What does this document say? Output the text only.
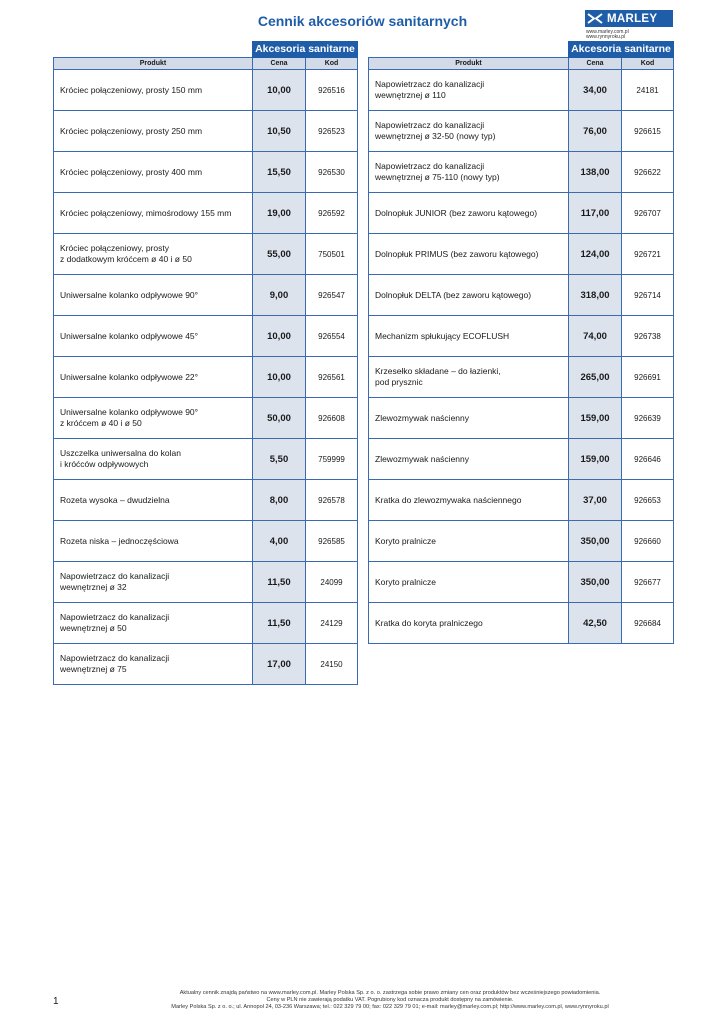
Cennik akcesoriów sanitarnych	MARLEY
www.marley.com.pl
www.rynnyroku.pl
	Akcesoria sanitarne	
Produkt	Cena	Kod

Króciec połączeniowy, prosty 150 mm	10,00	926516

Króciec połączeniowy, prosty 250 mm	10,50	926523

Króciec połączeniowy, prosty 400 mm	15,50	926530

Króciec połączeniowy, mimośrodowy 155 mm	19,00	926592

Króciec połączeniowy, prosty
z dodatkowym króćcem ø 40 i ø 50	55,00	750501

Uniwersalne kolanko odpływowe 90°	9,00	926547

Uniwersalne kolanko odpływowe 45°	10,00	926554

Uniwersalne kolanko odpływowe 22°	10,00	926561

Uniwersalne kolanko odpływowe 90°
z króćcem ø 40 i ø 50	50,00	926608

Uszczelka uniwersalna do kolan
i króćców odpływowych	5,50	759999

Rozeta wysoka – dwudzielna	8,00	926578

Rozeta niska – jednoczęściowa	4,00	926585

Napowietrzacz do kanalizacji
wewnętrznej ø 32	11,50	24099

Napowietrzacz do kanalizacji
wewnętrznej ø 50	11,50	24129

Napowietrzacz do kanalizacji
wewnętrznej ø 75	17,00	24150
	Akcesoria sanitarne	
Produkt	Cena	Kod

Napowietrzacz do kanalizacji
wewnętrznej ø 110	34,00	24181

Napowietrzacz do kanalizacji
wewnętrznej ø 32-50 (nowy typ)	76,00	926615

Napowietrzacz do kanalizacji
wewnętrznej ø 75-110 (nowy typ)	138,00	926622

Dolnopłuk JUNIOR (bez zaworu kątowego)	117,00	926707

Dolnopłuk PRIMUS (bez zaworu kątowego)	124,00	926721

Dolnopłuk DELTA (bez zaworu kątowego)	318,00	926714

Mechanizm spłukujący ECOFLUSH	74,00	926738

Krzesełko składane – do łazienki,
pod prysznic	265,00	926691

Zlewozmywak naścienny	159,00	926639

Zlewozmywak naścienny	159,00	926646

Kratka do zlewozmywaka naściennego	37,00	926653

Koryto pralnicze	350,00	926660

Koryto pralnicze	350,00	926677

Kratka do koryta pralniczego	42,50	926684
1
Aktualny cennik znajdą państwo na www.marley.com.pl. Marley Polska Sp. z o. o. zastrzega sobie prawo zmiany cen oraz produktów bez wcześniejszego powiadomienia.
Ceny w PLN nie zawierają podatku VAT. Pogrubiony kod oznacza produkt dostępny na zamówienie.
Marley Polska Sp. z o. o.; ul. Annopol 24, 03-236 Warszawa; tel.: 022 329 79 00; fax: 022 329 79 01; e-mail: marley@marley.com.pl; http://www.marley.com.pl, www.rynnyroku.pl
